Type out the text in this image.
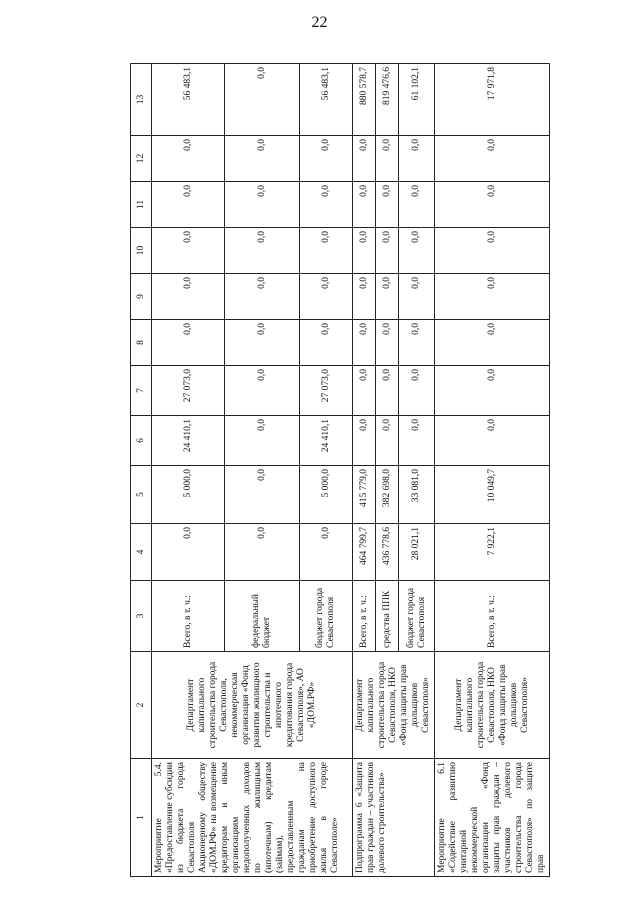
22
1	2	3	4	5	6	7	8	9	10	11	12	13
Мероприятие 5.4. «Предоставление субсидии из бюджета города Севастополя Акционерному обществу «ДОМ.РФ» на возмещение кредиторам и иным организациям недополученных доходов по жилищным (ипотечным) кредитам (займам), предоставленным гражданам на приобретение доступного жилья в городе Севастополе»	Департамент капитального строительства города Севастополя, некоммерческая организация «Фонд развития жилищного строительства и ипотечного кредитования города Севастополя», АО «ДОМ.РФ»	Всего, в т. ч.:	0,0	5 000,0	24 410,1	27 073,0	0,0	0,0	0,0	0,0	0,0	56 483,1
		федеральный бюджет	0,0	0,0	0,0	0,0	0,0	0,0	0,0	0,0	0,0	0,0
		бюджет города Севастополя	0,0	5 000,0	24 410,1	27 073,0	0,0	0,0	0,0	0,0	0,0	56 483,1
Подпрограмма 6 «Защита прав граждан – участников долевого строительства»	Департамент капитального строительства города Севастополя, НКО «Фонд защиты прав дольщиков Севастополя»	Всего, в т. ч.:	464 799,7	415 779,0	0,0	0,0	0,0	0,0	0,0	0,0	0,0	880 578,7
		средства ППК	436 778,6	382 698,0	0,0	0,0	0,0	0,0	0,0	0,0	0,0	819 476,6
		бюджет города Севастополя	28 021,1	33 081,0	0,0	0,0	0,0	0,0	0,0	0,0	0,0	61 102,1
Мероприятие 6.1 «Содействие развитию унитарной некоммерческой организации «Фонд защиты прав граждан – участников долевого строительства города Севастополя» по защите прав	Департамент капитального строительства города Севастополя, НКО «Фонд защиты прав дольщиков Севастополя»	Всего, в т. ч.:	7 922,1	10 049,7	0,0	0,0	0,0	0,0	0,0	0,0	0,0	17 971,8
